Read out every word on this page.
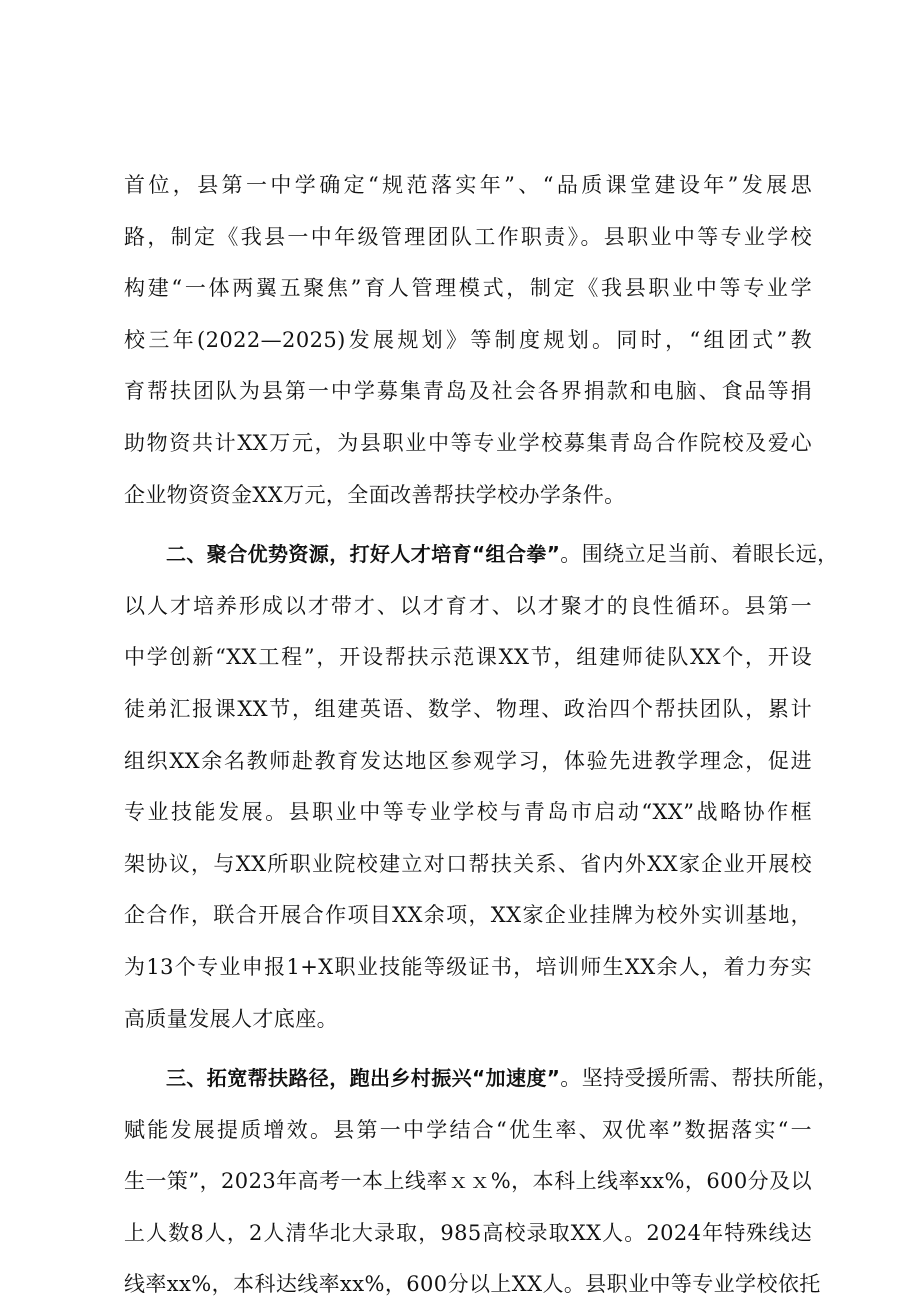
首位，县第一中学确定“规范落实年”、“品质课堂建设年”发展思
路，制定《我县一中年级管理团队工作职责》。县职业中等专业学校
构建“一体两翼五聚焦”育人管理模式，制定《我县职业中等专业学
校三年(2022—2025)发展规划》等制度规划。同时，“组团式”教
育帮扶团队为县第一中学募集青岛及社会各界捐款和电脑、食品等捐
助物资共计XX万元，为县职业中等专业学校募集青岛合作院校及爱心
企业物资资金XX万元，全面改善帮扶学校办学条件。
二、聚合优势资源，打好人才培育“组合拳”。围绕立足当前、着眼长远，
以人才培养形成以才带才、以才育才、以才聚才的良性循环。县第一
中学创新“XX工程”，开设帮扶示范课XX节，组建师徒队XX个，开设
徒弟汇报课XX节，组建英语、数学、物理、政治四个帮扶团队，累计
组织XX余名教师赴教育发达地区参观学习，体验先进教学理念，促进
专业技能发展。县职业中等专业学校与青岛市启动“XX”战略协作框
架协议，与XX所职业院校建立对口帮扶关系、省内外XX家企业开展校
企合作，联合开展合作项目XX余项，XX家企业挂牌为校外实训基地，
为13个专业申报1+X职业技能等级证书，培训师生XX余人，着力夯实
高质量发展人才底座。
三、拓宽帮扶路径，跑出乡村振兴“加速度”。坚持受援所需、帮扶所能，
赋能发展提质增效。县第一中学结合“优生率、双优率”数据落实“一
生一策”，2023年高考一本上线率ｘｘ%，本科上线率xx%，600分及以
上人数8人，2人清华北大录取，985高校录取XX人。2024年特殊线达
线率xx%，本科达线率xx%，600分以上XX人。县职业中等专业学校依托
